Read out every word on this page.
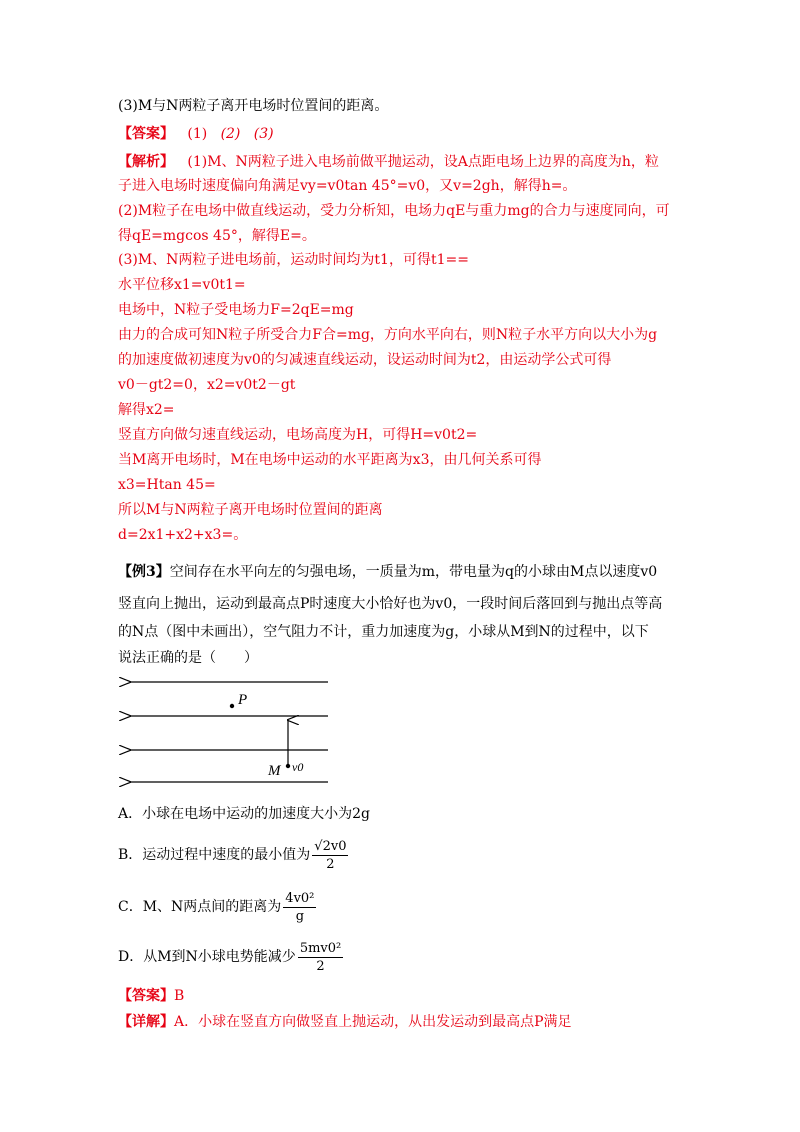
(3)M与N两粒子离开电场时位置间的距离。
【答案】 (1) (2) (3)
【解析】 (1)M、N两粒子进入电场前做平抛运动，设A点距电场上边界的高度为h，粒
子进入电场时速度偏向角满足vy=v0tan 45°=v0，又v=2gh，解得h=。
(2)M粒子在电场中做直线运动，受力分析知，电场力qE与重力mg的合力与速度同向，可
得qE=mgcos 45°，解得E=。
(3)M、N两粒子进电场前，运动时间均为t1，可得t1==
水平位移x1=v0t1=
电场中，N粒子受电场力F=2qE=mg
由力的合成可知N粒子所受合力F合=mg，方向水平向右，则N粒子水平方向以大小为g
的加速度做初速度为v0的匀减速直线运动，设运动时间为t2，由运动学公式可得
v0－gt2=0，x2=v0t2－gt
解得x2=
竖直方向做匀速直线运动，电场高度为H，可得H=v0t2=
当M离开电场时，M在电场中运动的水平距离为x3，由几何关系可得
x3=Htan 45=
所以M与N两粒子离开电场时位置间的距离
d=2x1+x2+x3=。
【例3】空间存在水平向左的匀强电场，一质量为m，带电量为q的小球由M点以速度v0
竖直向上抛出，运动到最高点P时速度大小恰好也为v0，一段时间后落回到与抛出点等高
的N点（图中未画出），空气阻力不计，重力加速度为g，小球从M到N的过程中，以下
说法正确的是（　　）
P
M v0
A．小球在电场中运动的加速度大小为2g
B．运动过程中速度的最小值为 $\frac{√2v0}{2}$
C．M、N两点间的距离为 $\frac{\text{4v0²}}{g}$
D．从M到N小球电势能减少 $\frac{\text{5mv0²}}{2}$
【答案】B
【详解】A．小球在竖直方向做竖直上抛运动，从出发运动到最高点P满足
